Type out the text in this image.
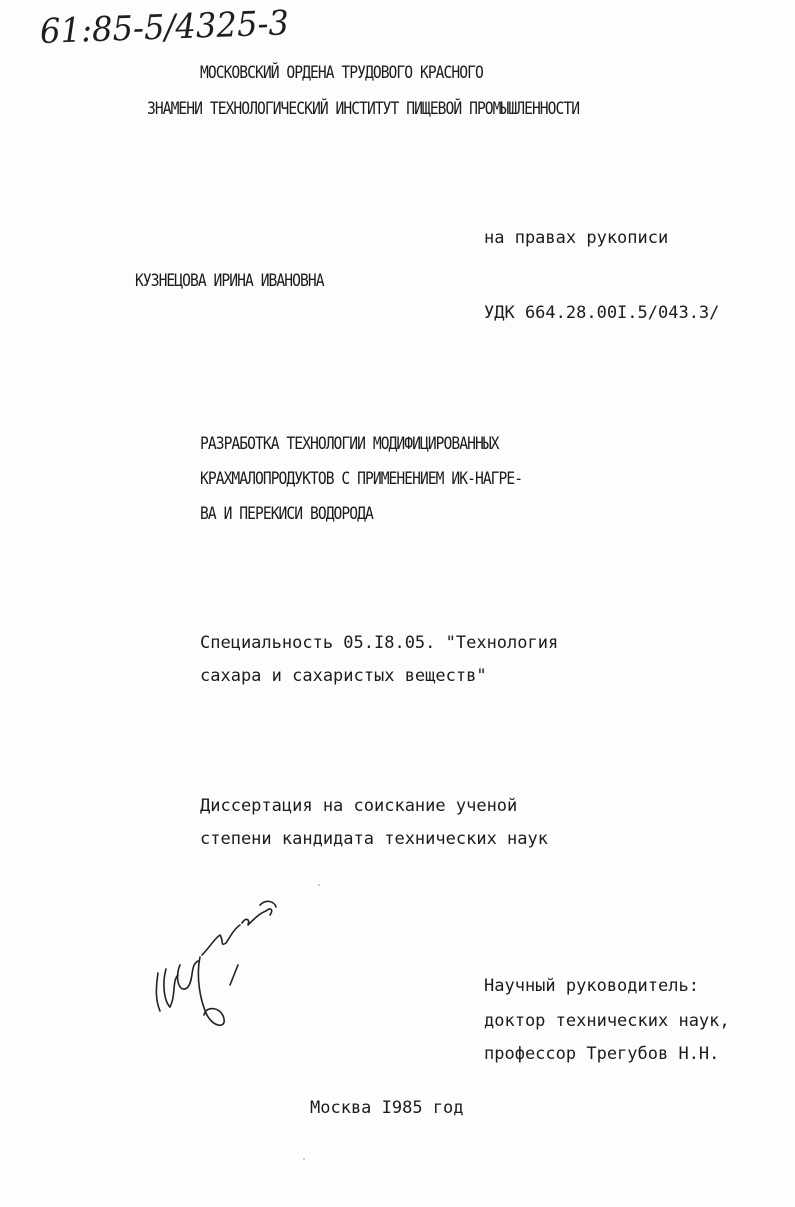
61:85-5/4325-3
МОСКОВСКИЙ ОРДЕНА ТРУДОВОГО КРАСНОГО
ЗНАМЕНИ ТЕХНОЛОГИЧЕСКИЙ ИНСТИТУТ ПИЩЕВОЙ ПРОМЫШЛЕННОСТИ
на правах рукописи
КУЗНЕЦОВА ИРИНА ИВАНОВНА
УДК 664.28.00I.5/043.3/
РАЗРАБОТКА ТЕХНОЛОГИИ МОДИФИЦИРОВАННЫХ
КРАХМАЛОПРОДУКТОВ С ПРИМЕНЕНИЕМ ИК-НАГРЕ-
ВА И ПЕРЕКИСИ ВОДОРОДА
Специальность 05.I8.05. "Технология
сахара и сахаристых веществ"
Диссертация на соискание ученой
степени кандидата технических наук
Научный руководитель:
доктор технических наук,
профессор Трегубов Н.Н.
Москва I985 год
